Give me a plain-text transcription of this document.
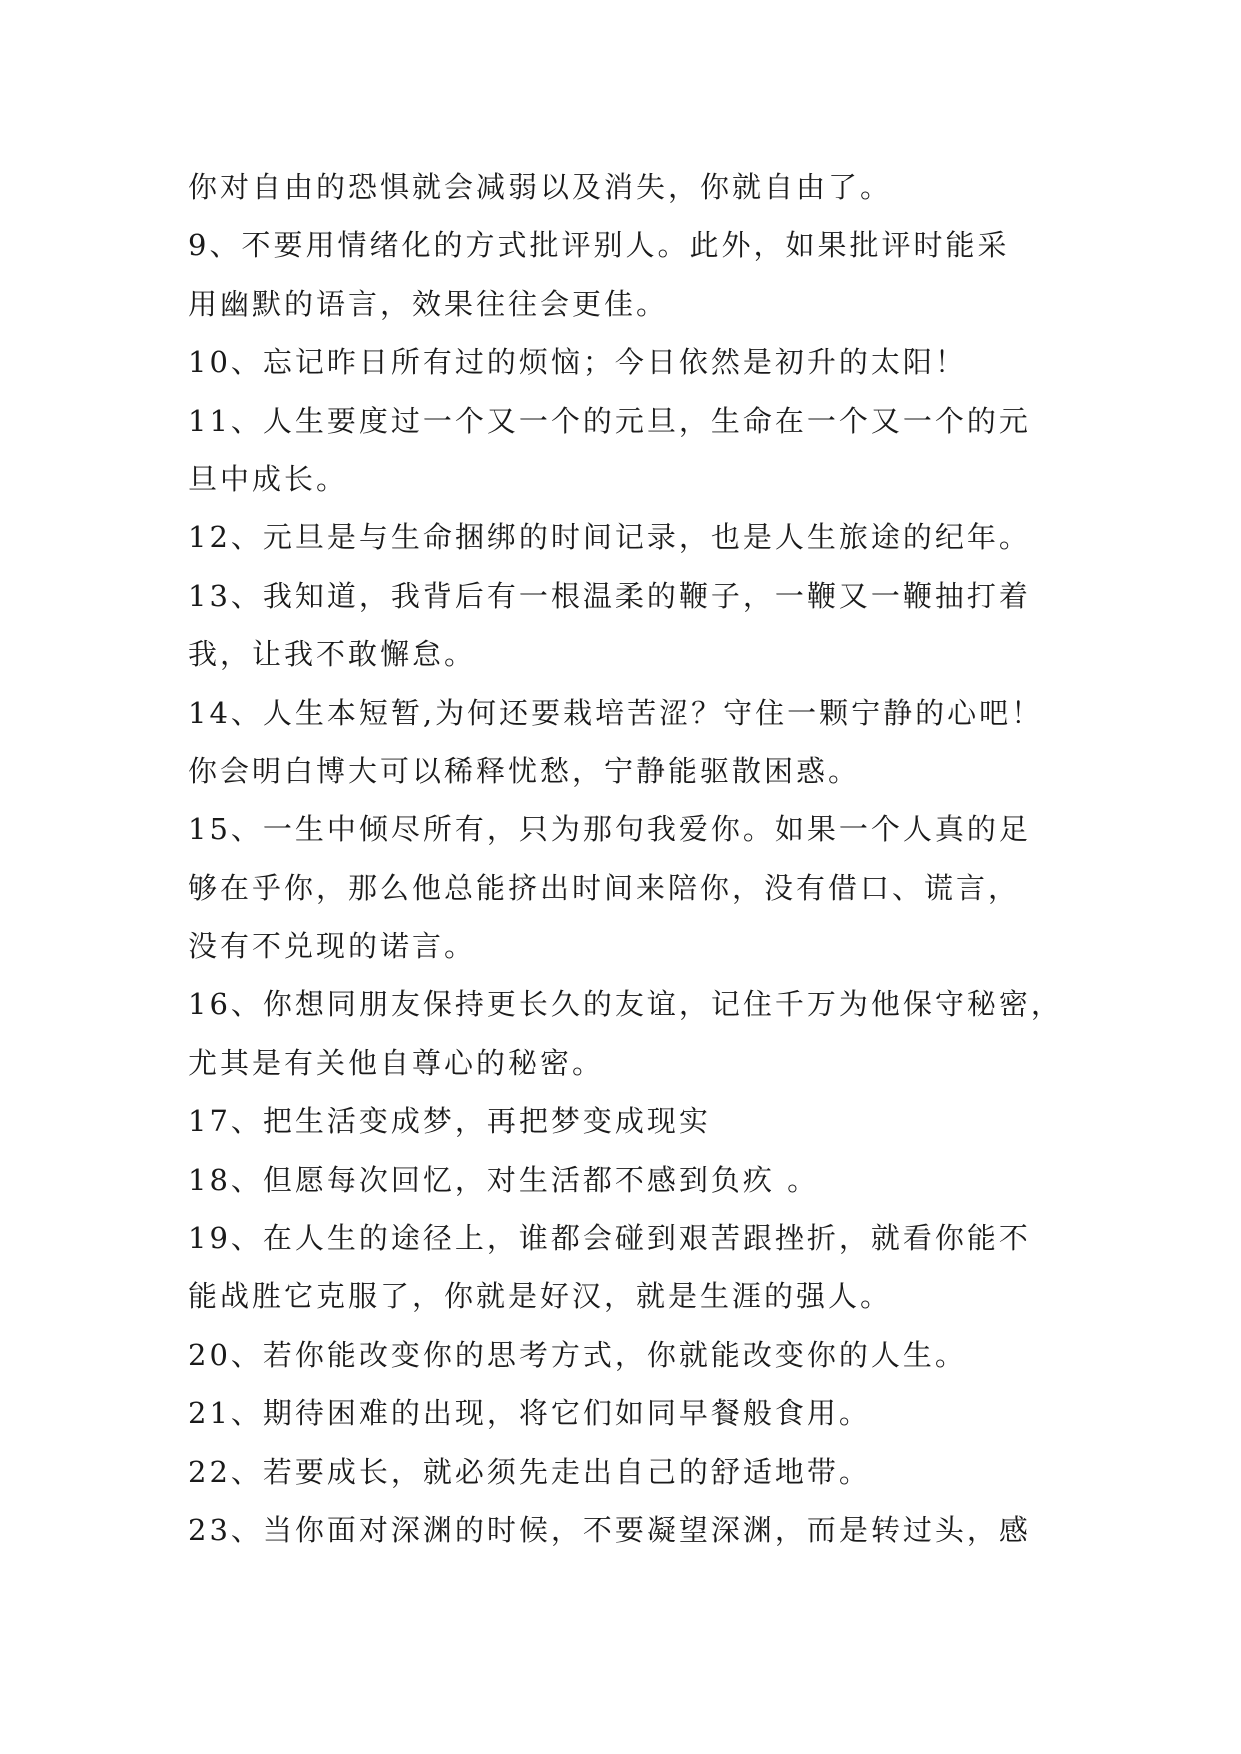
你对自由的恐惧就会减弱以及消失，你就自由了。
9、不要用情绪化的方式批评别人。此外，如果批评时能采
用幽默的语言，效果往往会更佳。
10、忘记昨日所有过的烦恼；今日依然是初升的太阳！
11、人生要度过一个又一个的元旦，生命在一个又一个的元
旦中成长。
12、元旦是与生命捆绑的时间记录，也是人生旅途的纪年。
13、我知道，我背后有一根温柔的鞭子，一鞭又一鞭抽打着
我，让我不敢懈怠。
14、人生本短暂,为何还要栽培苦涩？守住一颗宁静的心吧！
你会明白博大可以稀释忧愁，宁静能驱散困惑。
15、一生中倾尽所有，只为那句我爱你。如果一个人真的足
够在乎你，那么他总能挤出时间来陪你，没有借口、谎言，
没有不兑现的诺言。
16、你想同朋友保持更长久的友谊，记住千万为他保守秘密，
尤其是有关他自尊心的秘密。
17、把生活变成梦，再把梦变成现实
18、但愿每次回忆，对生活都不感到负疚 。
19、在人生的途径上，谁都会碰到艰苦跟挫折，就看你能不
能战胜它克服了，你就是好汉，就是生涯的强人。
20、若你能改变你的思考方式，你就能改变你的人生。
21、期待困难的出现，将它们如同早餐般食用。
22、若要成长，就必须先走出自己的舒适地带。
23、当你面对深渊的时候，不要凝望深渊，而是转过头，感
